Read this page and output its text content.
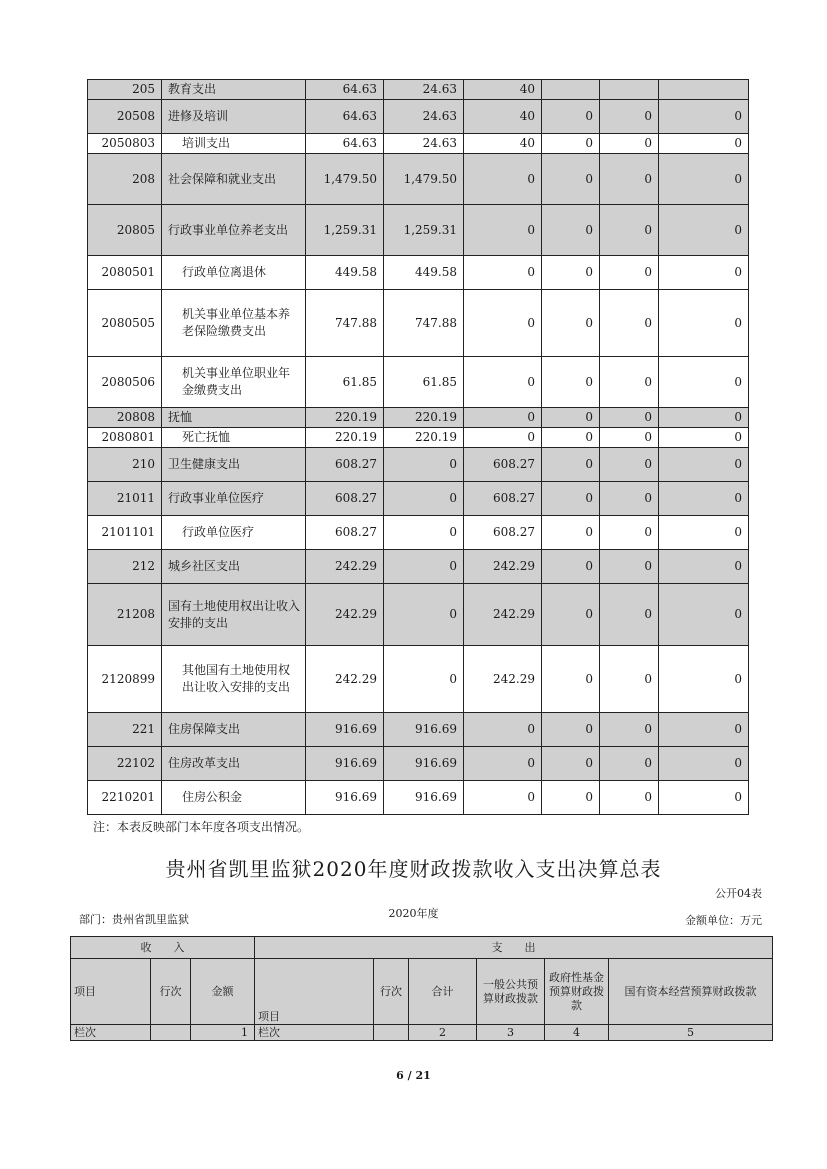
205	教育支出	64.63	24.63	40			
20508	进修及培训	64.63	24.63	40	0	0	0
2050803	培训支出	64.63	24.63	40	0	0	0
208	社会保障和就业支出	1,479.50	1,479.50	0	0	0	0
20805	行政事业单位养老支出	1,259.31	1,259.31	0	0	0	0
2080501	行政单位离退休	449.58	449.58	0	0	0	0
2080505	机关事业单位基本养老保险缴费支出	747.88	747.88	0	0	0	0
2080506	机关事业单位职业年金缴费支出	61.85	61.85	0	0	0	0
20808	抚恤	220.19	220.19	0	0	0	0
2080801	死亡抚恤	220.19	220.19	0	0	0	0
210	卫生健康支出	608.27	0	608.27	0	0	0
21011	行政事业单位医疗	608.27	0	608.27	0	0	0
2101101	行政单位医疗	608.27	0	608.27	0	0	0
212	城乡社区支出	242.29	0	242.29	0	0	0
21208	国有土地使用权出让收入安排的支出	242.29	0	242.29	0	0	0
2120899	其他国有土地使用权出让收入安排的支出	242.29	0	242.29	0	0	0
221	住房保障支出	916.69	916.69	0	0	0	0
22102	住房改革支出	916.69	916.69	0	0	0	0
2210201	住房公积金	916.69	916.69	0	0	0	0
注：本表反映部门本年度各项支出情况。
贵州省凯里监狱2020年度财政拨款收入支出决算总表
公开04表
部门：贵州省凯里监狱	2020年度
金额单位：万元
收　　入			支　　出					
项目	行次	金额	项目	行次	合计	一般公共预算财政拨款	政府性基金预算财政拨款	国有资本经营预算财政拨款
栏次		1	栏次		2	3	4	5
6 / 21
